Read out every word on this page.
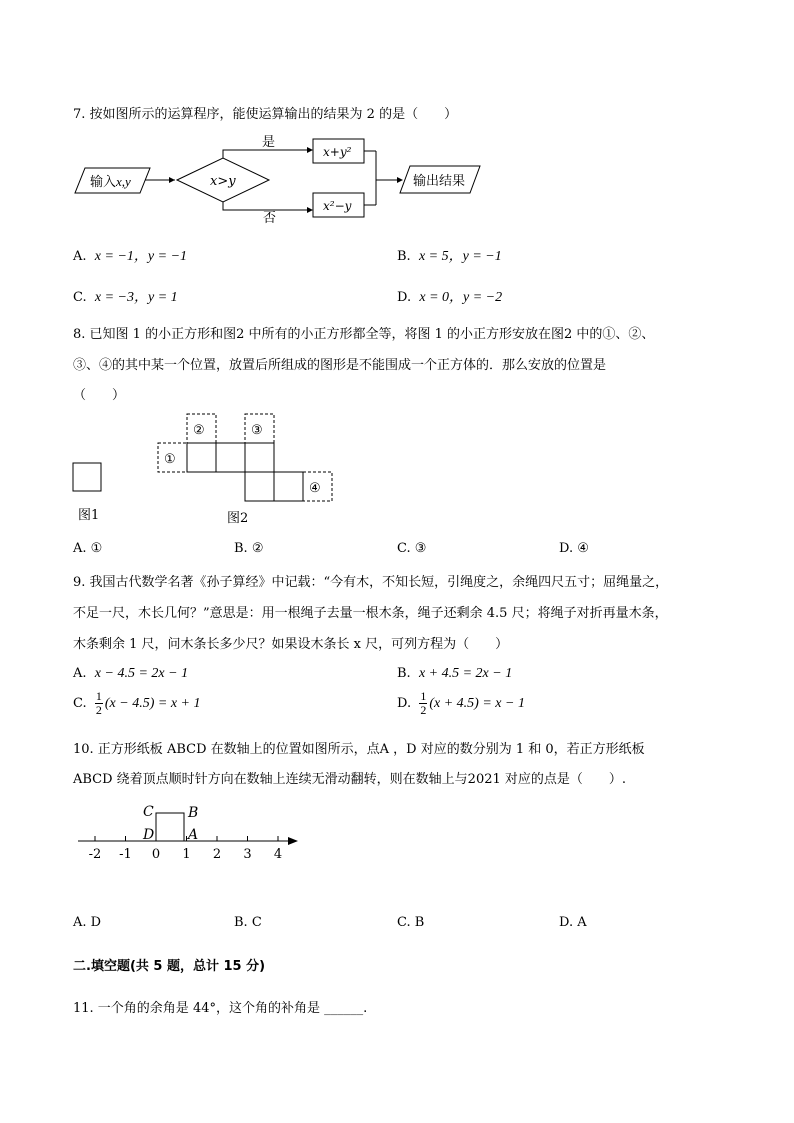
7. 按如图所示的运算程序，能使运算输出的结果为 2 的是（　　）
输入x,y	x>y
是
x+y²
否
x²−y
输出结果
A. x = −1，y = −1	B. x = 5，y = −1
C. x = −3，y = 1	D. x = 0，y = −2
8. 已知图 1 的小正方形和图2 中所有的小正方形都全等，将图 1 的小正方形安放在图2 中的①、②、
③、④的其中某一个位置，放置后所组成的图形是不能围成一个正方体的．那么安放的位置是
（　　）
图1
①
②	③
④
图2
A. ①	B. ②	C. ③	D. ④
9. 我国古代数学名著《孙子算经》中记载：“今有木，不知长短，引绳度之，余绳四尺五寸；屈绳量之，
不足一尺，木长几何？”意思是：用一根绳子去量一根木条，绳子还剩余 4.5 尺；将绳子对折再量木条，
木条剩余 1 尺，问木条长多少尺？如果设木条长 x 尺，可列方程为（　　）
A. x − 4.5 = 2x − 1	B. x + 4.5 = 2x − 1
C. $\frac{1}{2} (x - 4.5) = x + 1$	D. $\frac{1}{2} (x + 4.5) = x - 1$
10. 正方形纸板 ABCD 在数轴上的位置如图所示，点A ，D 对应的数分别为 1 和 0，若正方形纸板
ABCD 绕着顶点顺时针方向在数轴上连续无滑动翻转，则在数轴上与2021 对应的点是（　　）.
-2 -1 0 1 2 3 4
C B
D A
A. D	B. C	C. B	D. A
二.填空题(共 5 题，总计 15 分)
11. 一个角的余角是 44°，这个角的补角是 ______.
